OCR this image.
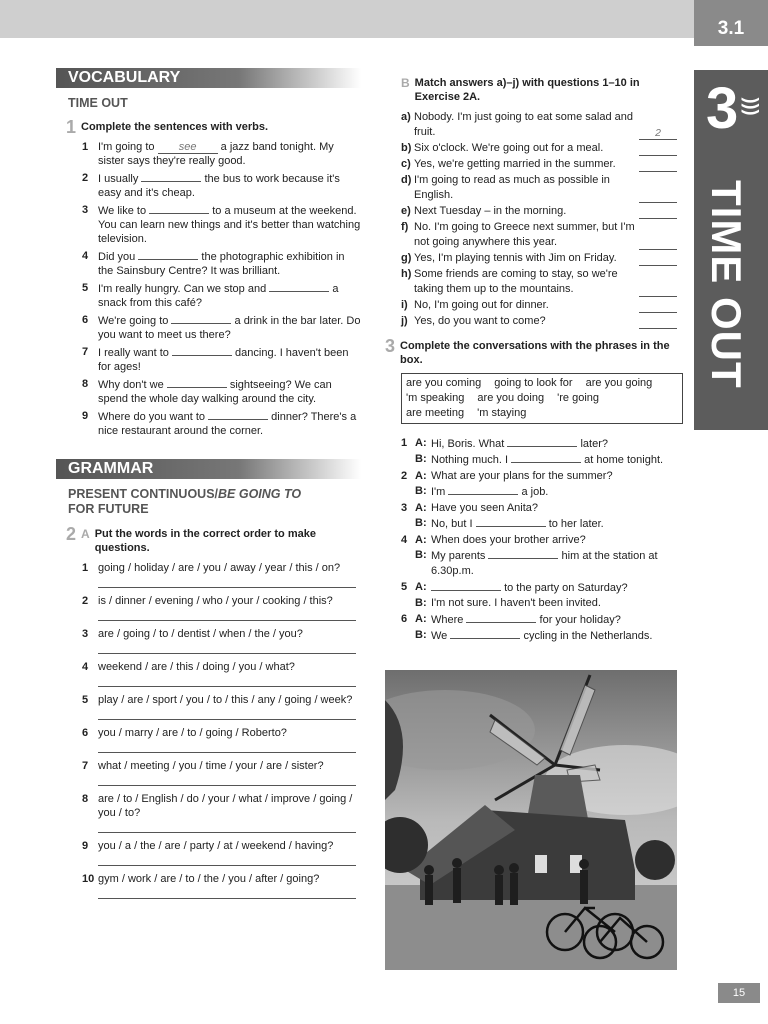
3.1
3 )))
TIME OUT
VOCABULARY
TIME OUT
1 Complete the sentences with verbs.
1 I'm going to see a jazz band tonight. My sister says they're really good.
2 I usually	the bus to work because it's easy and it's cheap.
3 We like to	to a museum at the weekend. You can learn new things and it's better than watching television.
4 Did you	the photographic exhibition in the Sainsbury Centre? It was brilliant.
5 I'm really hungry. Can we stop and	a snack from this café?
6 We're going to	a drink in the bar later. Do you want to meet us there?
7 I really want to	dancing. I haven't been for ages!
8 Why don't we	sightseeing? We can spend the whole day walking around the city.
9 Where do you want to	dinner? There's a nice restaurant around the corner.
GRAMMAR
PRESENT CONTINUOUS/BE GOING TO
FOR FUTURE
2 A Put the words in the correct order to make questions.
1 going / holiday / are / you / away / year / this / on?
2 is / dinner / evening / who / your / cooking / this?
3 are / going / to / dentist / when / the / you?
4 weekend / are / this / doing / you / what?
5 play / are / sport / you / to / this / any / going / week?
6 you / marry / are / to / going / Roberto?
7 what / meeting / you / time / your / are / sister?
8 are / to / English / do / your / what / improve / going / you / to?
9 you / a / the / are / party / at / weekend / having?
10 gym / work / are / to / the / you / after / going?
B Match answers a)–j) with questions 1–10 in Exercise 2A.
a) Nobody. I'm just going to eat some salad and fruit.	2
b) Six o'clock. We're going out for a meal.
c) Yes, we're getting married in the summer.
d) I'm going to read as much as possible in English.
e) Next Tuesday – in the morning.
f) No. I'm going to Greece next summer, but I'm not going anywhere this year.
g) Yes, I'm playing tennis with Jim on Friday.
h) Some friends are coming to stay, so we're taking them up to the mountains.
i) No, I'm going out for dinner.
j) Yes, do you want to come?
3 Complete the conversations with the phrases in the box.
are you coming going to look for are you going 'm speaking are you doing 're going are meeting 'm staying
1 A: Hi, Boris. What	later?
B: Nothing much. I	at home tonight.
2 A: What are your plans for the summer?
B: I'm	a job.
3 A: Have you seen Anita?
B: No, but I	to her later.
4 A: When does your brother arrive?
B: My parents	him at the station at 6.30p.m.
5 A:	to the party on Saturday?
B: I'm not sure. I haven't been invited.
6 A: Where	for your holiday?
B: We	cycling in the Netherlands.
15
